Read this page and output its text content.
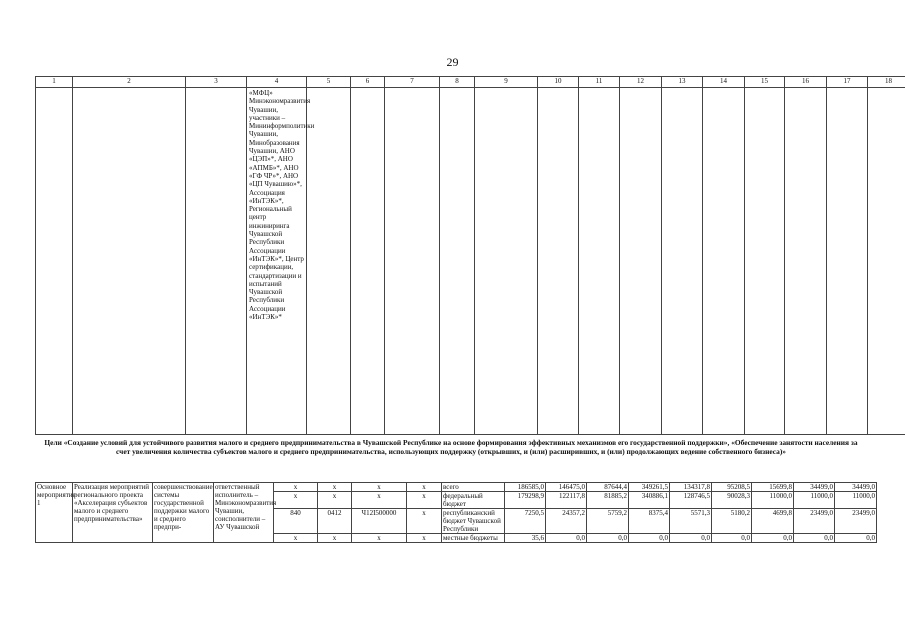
29
1	2	3	4	5	6	7	8	9	10	11	12	13	14	15	16	17	18
			«МФЦ» Минэкономразвития Чувашии, участники – Мининформполитики Чувашии, Минобразования Чувашии, АНО «ЦЭП»*, АНО «АПМБ»*, АНО «ГФ ЧР»*, АНО «ЦП Чувашию»*, Ассоциация «ИнТЭК»*, Региональный центр инжиниринга Чувашской Республики Ассоциации «ИнТЭК»*, Центр сертификации, стандартизации и испытаний Чувашской Республики Ассоциации «ИнТЭК»*														
Цели «Создание условий для устойчивого развития малого и среднего предпринимательства в Чувашской Республике на основе формирования эффективных механизмов его государственной поддержки», «Обеспечение занятости населения за счет увеличения количества субъектов малого и среднего предпринимательства, использующих поддержку (открывших, и (или) расширивших, и (или) продолжающих ведение собственного бизнеса)»
Основное мероприятие 1	Реализация мероприятий регионального проекта «Акселерация субъектов малого и среднего предпринимательства»	совершенствование системы государственной поддержки малого и среднего предпри-	ответственный исполнитель – Минэкономразвития Чувашии, соисполнители – АУ Чувашской	x	x	x	x	всего	186585,0	146475,0	87644,4	349261,5	134317,8	95208,5	15699,8	34499,0	34499,0
				x	x	x	x	федеральный бюджет	179298,9	122117,8	81885,2	340886,1	128746,5	90028,3	11000,0	11000,0	11000,0
				840	0412	Ч12I500000	x	республиканский бюджет Чувашской Республики	7250,5	24357,2	5759,2	8375,4	5571,3	5180,2	4699,8	23499,0	23499,0
				x	x	x	x	местные бюджеты	35,6	0,0	0,0	0,0	0,0	0,0	0,0	0,0	0,0
